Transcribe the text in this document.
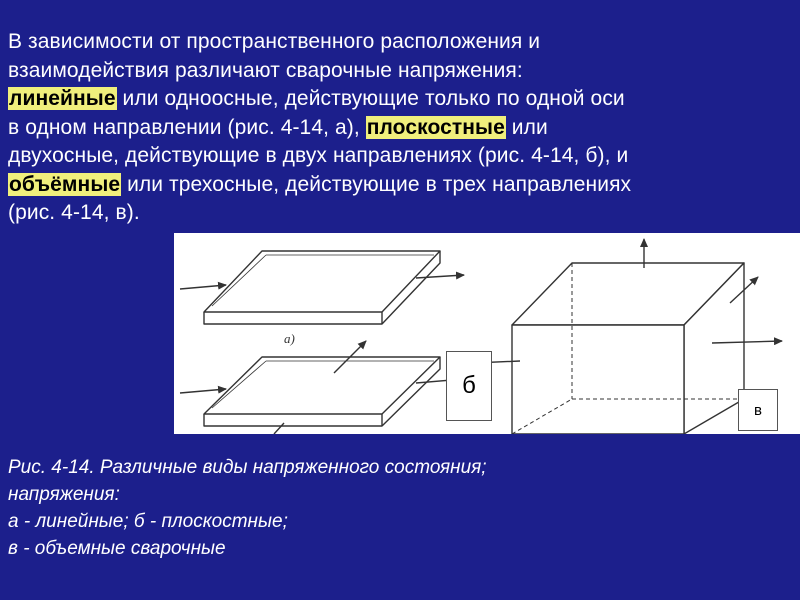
В зависимости от пространственного расположения и
взаимодействия различают сварочные напряжения:
линейные или одноосные, действующие только по одной оси
в одном направлении (рис. 4-14, а), плоскостные или
двухосные, действующие в двух направлениях (рис. 4-14, б), и
объёмные или трехосные, действующие в трех направлениях
(рис. 4-14, в).
а)
б
в
Рис. 4-14. Различные виды напряженного состояния;
напряжения:
а - линейные; б - плоскостные;
в - объемные сварочные
